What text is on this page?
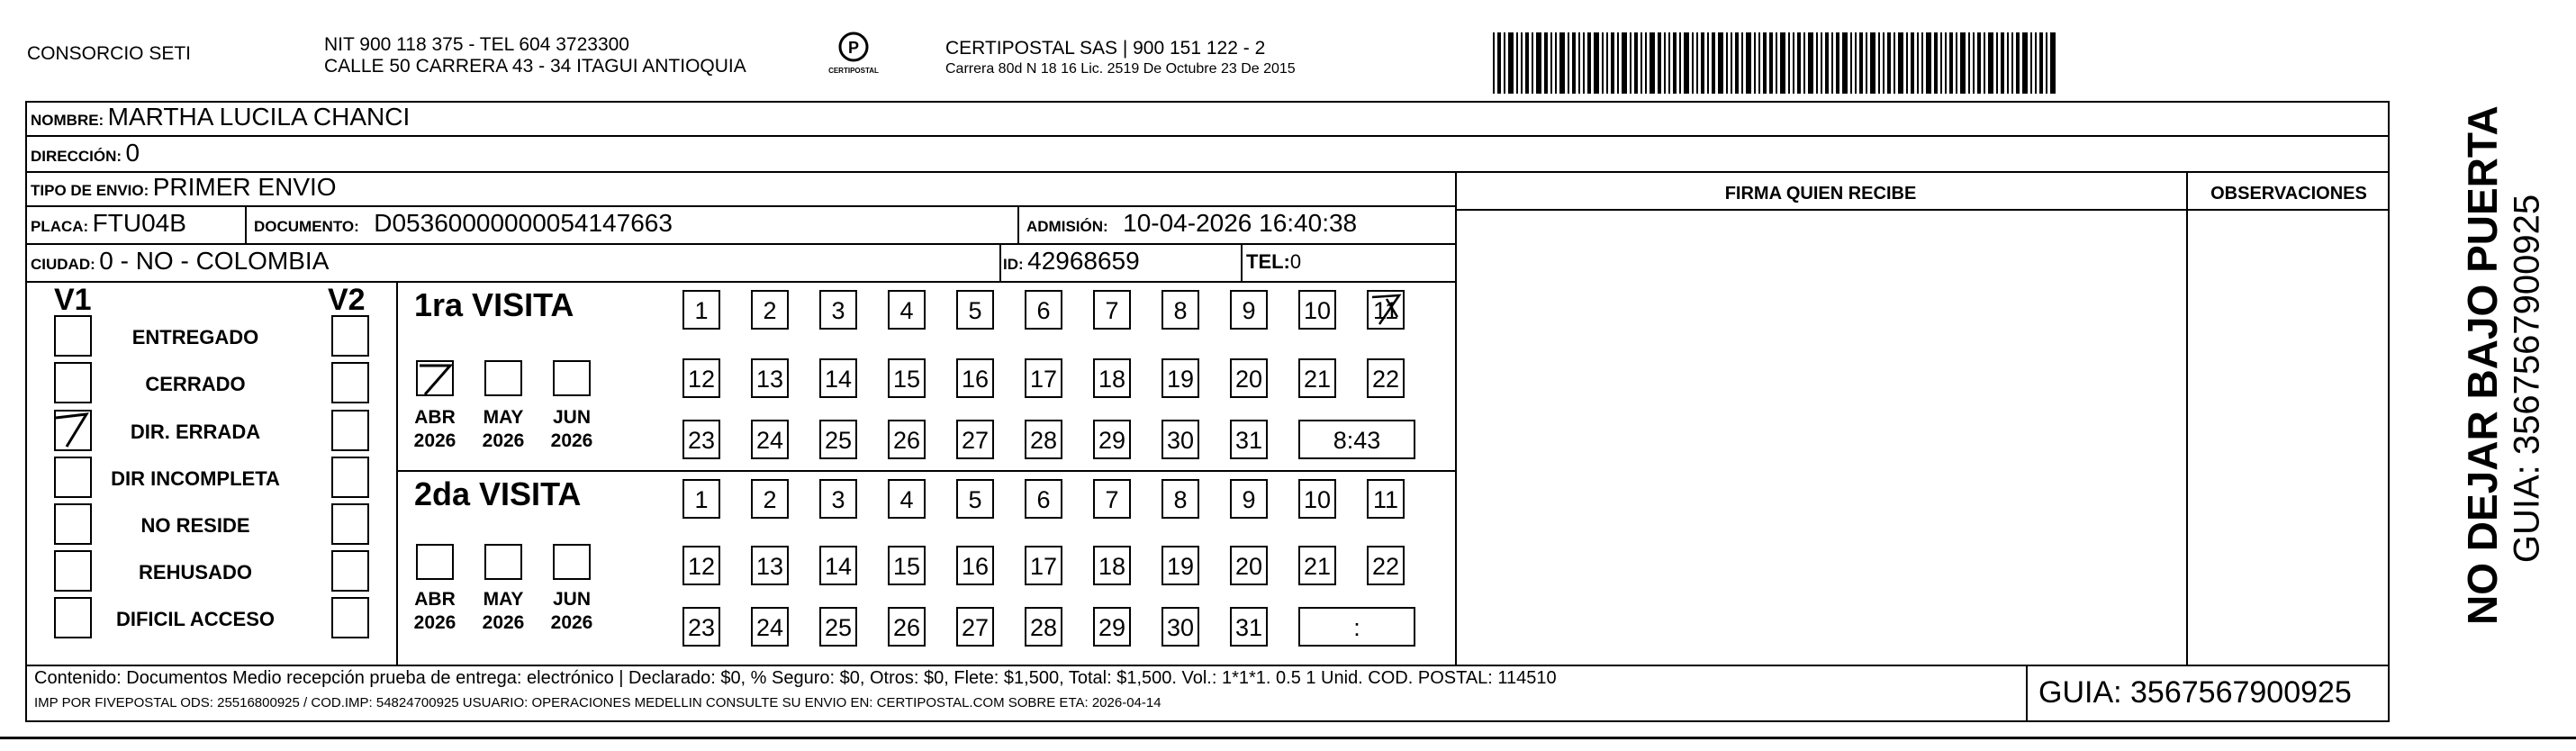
CONSORCIO SETI	NIT 900 118 375 - TEL 604 3723300
CALLE 50 CARRERA 43 - 34 ITAGUI ANTIOQUIA
P
CERTIPOSTAL
CERTIPOSTAL SAS | 900 151 122 - 2
Carrera 80d N 18 16 Lic. 2519 De Octubre 23 De 2015
NOMBRE: MARTHA LUCILA CHANCI
DIRECCIÓN: 0
TIPO DE ENVIO: PRIMER ENVIO
PLACA: FTU04B	DOCUMENTO: D05360000000054147663	ADMISIÓN: 10-04-2026 16:40:38
CIUDAD: 0 - NO - COLOMBIA	ID: 42968659	TEL:0
FIRMA QUIEN RECIBE	OBSERVACIONES
V1	V2 1ra VISITA
2da VISITA
ENTREGADO
CERRADO
DIR. ERRADA
DIR INCOMPLETA
NO RESIDE
REHUSADO
DIFICIL ACCESO
ABR
2026
MAY
2026
JUN
2026
ABR
2026
MAY
2026
JUN
2026
1	2	3	4	5	6	7	8	9	10 11
12 13 14 15 16 17 18 19 20 21 22
23 24 25 26 27 28 29 30 31	8:43
1	2	3	4	5	6	7	8	9	10 11
12 13 14 15 16 17 18 19 20 21 22
23 24 25 26 27 28 29 30 31	:
Contenido: Documentos Medio recepción prueba de entrega: electrónico | Declarado: $0, % Seguro: $0, Otros: $0, Flete: $1,500, Total: $1,500. Vol.: 1*1*1. 0.5 1 Unid. COD. POSTAL: 114510
IMP POR FIVEPOSTAL ODS: 25516800925 / COD.IMP: 54824700925 USUARIO: OPERACIONES MEDELLIN CONSULTE SU ENVIO EN: CERTIPOSTAL.COM SOBRE ETA: 2026-04-14	GUIA: 3567567900925
NO DEJAR BAJO PUERTA GUIA: 3567567900925
